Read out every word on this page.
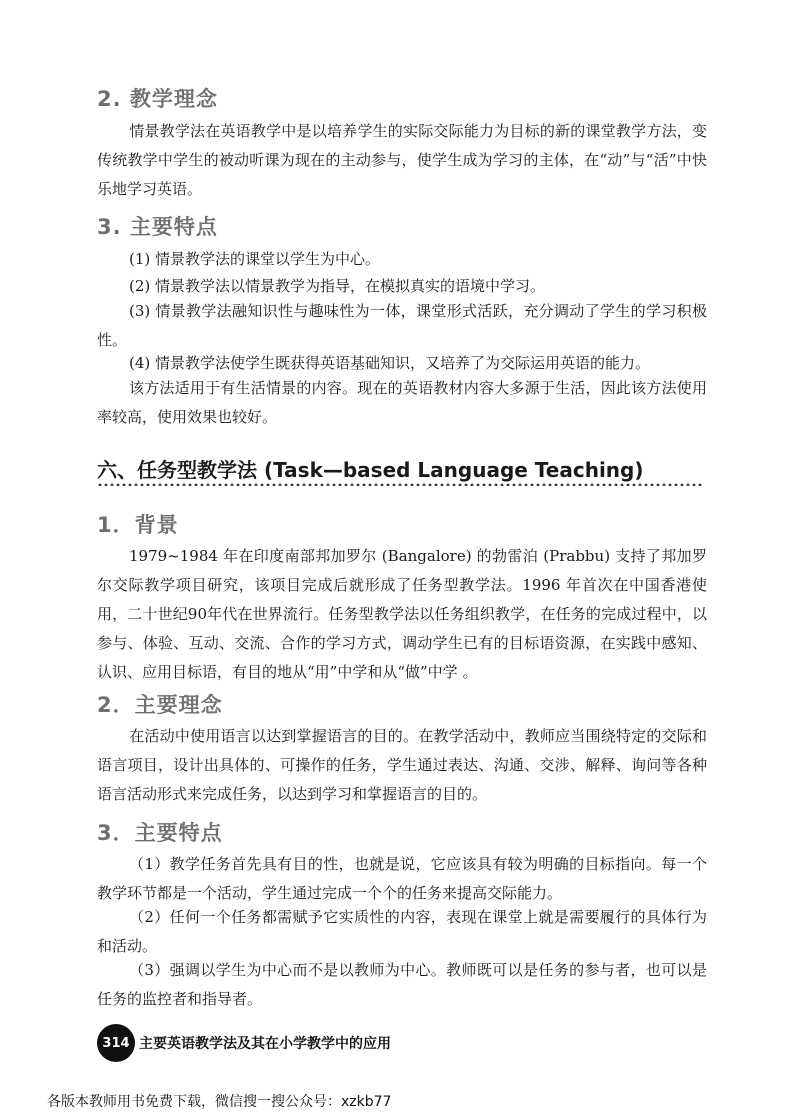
2. 教学理念

情景教学法在英语教学中是以培养学生的实际交际能力为目标的新的课堂教学方法，变传统教学中学生的被动听课为现在的主动参与，使学生成为学习的主体，在“动”与“活”中快乐地学习英语。

3. 主要特点

(1) 情景教学法的课堂以学生为中心。

(2) 情景教学法以情景教学为指导，在模拟真实的语境中学习。

(3) 情景教学法融知识性与趣味性为一体，课堂形式活跃，充分调动了学生的学习积极性。

(4) 情景教学法使学生既获得英语基础知识，又培养了为交际运用英语的能力。

该方法适用于有生活情景的内容。现在的英语教材内容大多源于生活，因此该方法使用率较高，使用效果也较好。

六、任务型教学法 (Task—based Language Teaching)
1．背景

1979~1984 年在印度南部邦加罗尔 (Bangalore) 的勃雷泊 (Prabbu) 支持了邦加罗尔交际教学项目研究，该项目完成后就形成了任务型教学法。1996 年首次在中国香港使用，二十世纪90年代在世界流行。任务型教学法以任务组织教学，在任务的完成过程中，以参与、体验、互动、交流、合作的学习方式，调动学生已有的目标语资源，在实践中感知、认识、应用目标语，有目的地从“用”中学和从“做”中学 。

2．主要理念

在活动中使用语言以达到掌握语言的目的。在教学活动中，教师应当围绕特定的交际和语言项目，设计出具体的、可操作的任务，学生通过表达、沟通、交涉、解释、询问等各种语言活动形式来完成任务，以达到学习和掌握语言的目的。

3．主要特点

（1）教学任务首先具有目的性，也就是说，它应该具有较为明确的目标指向。每一个教学环节都是一个活动，学生通过完成一个个的任务来提高交际能力。

（2）任何一个任务都需赋予它实质性的内容，表现在课堂上就是需要履行的具体行为和活动。

（3）强调以学生为中心而不是以教师为中心。教师既可以是任务的参与者，也可以是任务的监控者和指导者。

314 主要英语教学法及其在小学教学中的应用

各版本教师用书免费下载，微信搜一搜公众号：xzkb77
